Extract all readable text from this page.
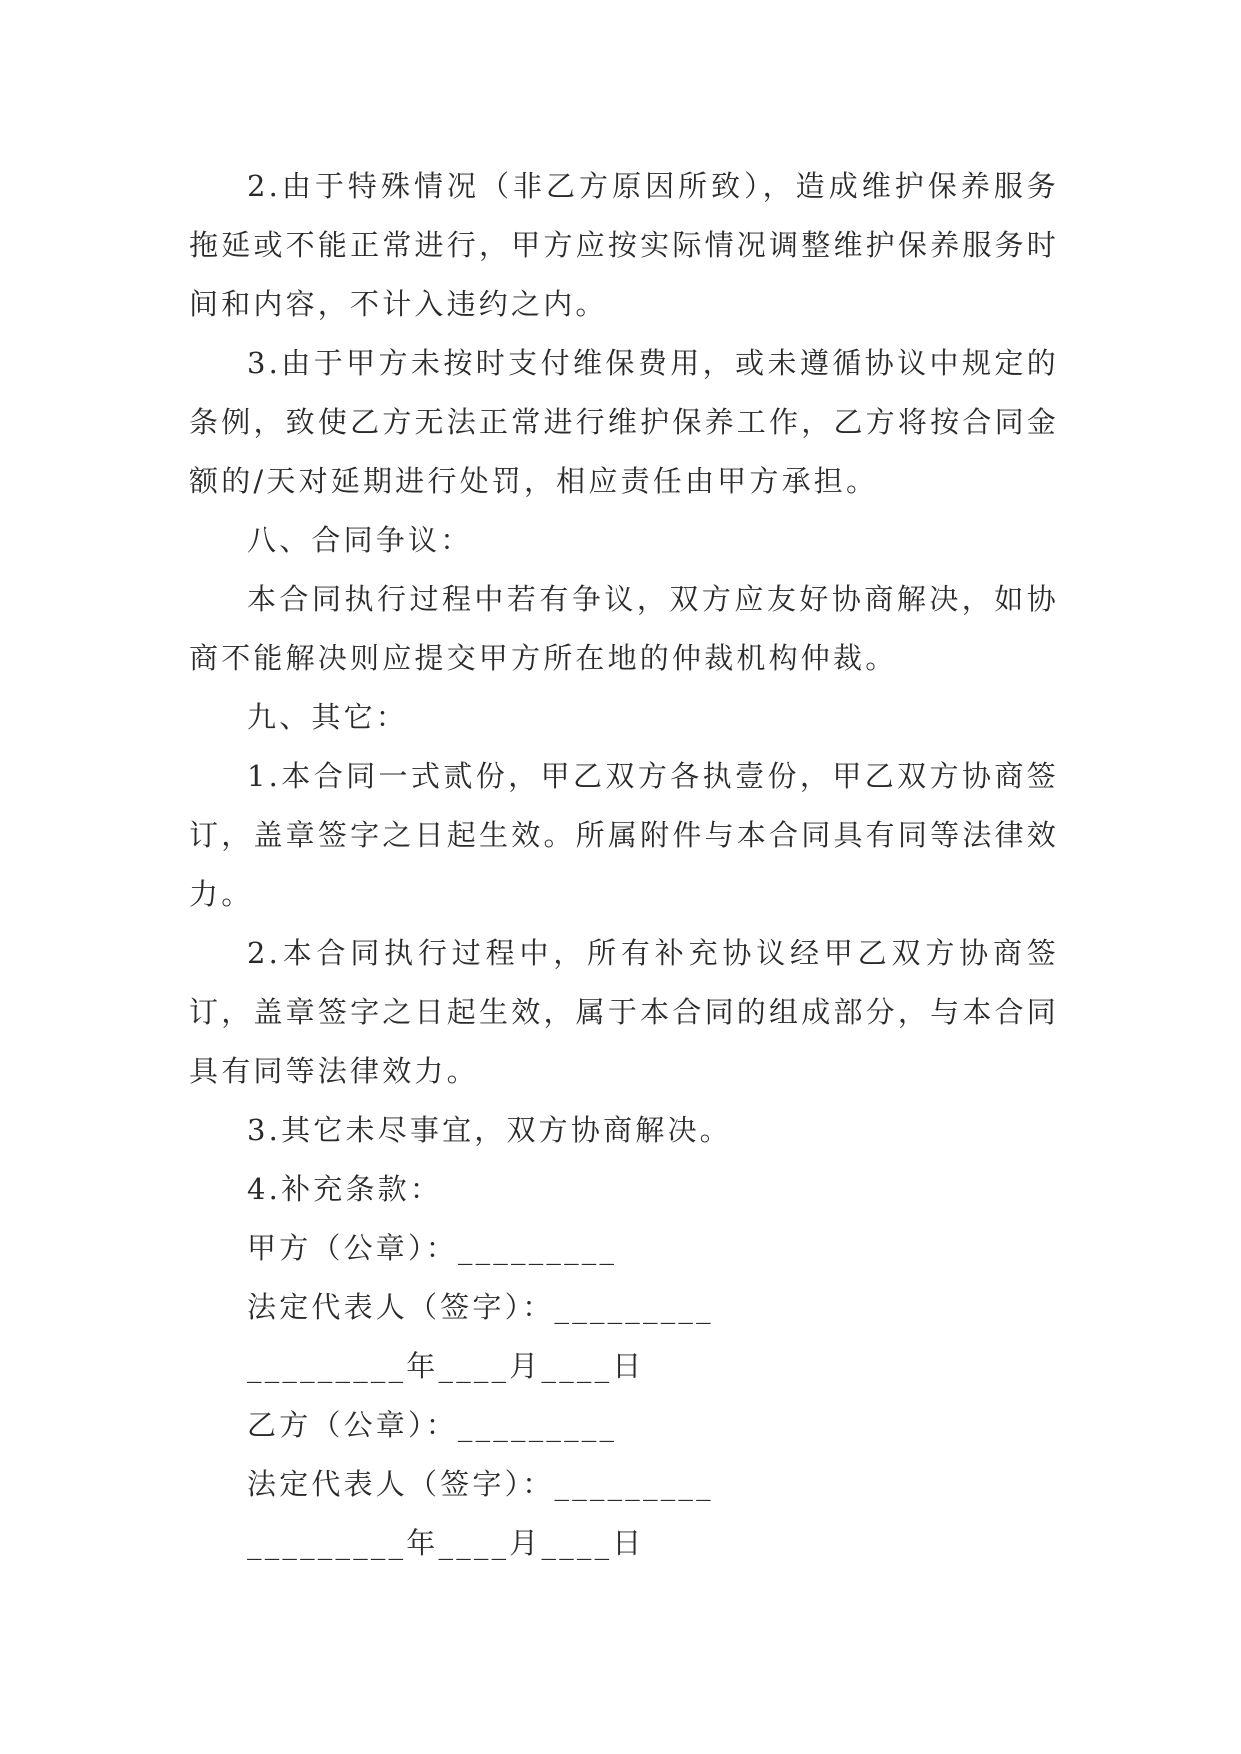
2.由于特殊情况（非乙方原因所致），造成维护保养服务拖延或不能正常进行，甲方应按实际情况调整维护保养服务时间和内容，不计入违约之内。

3.由于甲方未按时支付维保费用，或未遵循协议中规定的条例，致使乙方无法正常进行维护保养工作，乙方将按合同金额的/天对延期进行处罚，相应责任由甲方承担。

八、合同争议：

本合同执行过程中若有争议，双方应友好协商解决，如协商不能解决则应提交甲方所在地的仲裁机构仲裁。

九、其它：

1.本合同一式贰份，甲乙双方各执壹份，甲乙双方协商签订，盖章签字之日起生效。所属附件与本合同具有同等法律效力。

2.本合同执行过程中，所有补充协议经甲乙双方协商签订，盖章签字之日起生效，属于本合同的组成部分，与本合同具有同等法律效力。

3.其它未尽事宜，双方协商解决。

4.补充条款：

甲方（公章）：_________
法定代表人（签字）：_________
_________年____月____日
乙方（公章）：_________
法定代表人（签字）：_________
_________年____月____日
